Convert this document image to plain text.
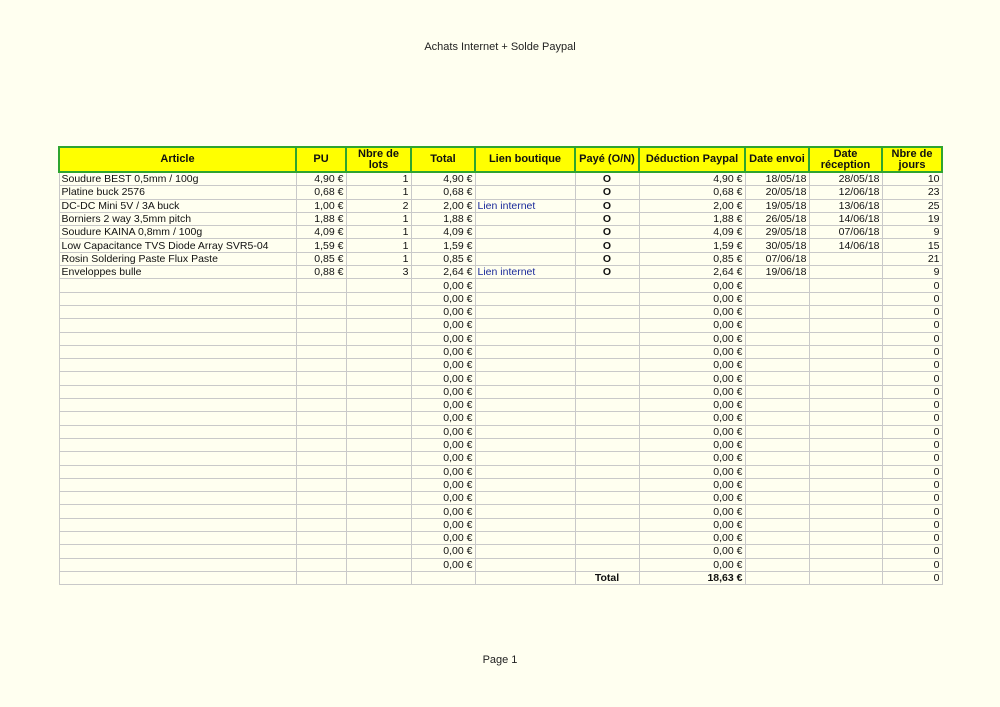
Achats Internet + Solde Paypal
Article	PU	Nbre de lots	Total	Lien boutique	Payé (O/N)	Déduction Paypal	Date envoi	Date réception	Nbre de jours
Soudure BEST 0,5mm / 100g	4,90 €	1	4,90 €		O	4,90 €	18/05/18	28/05/18	10
Platine buck 2576	0,68 €	1	0,68 €		O	0,68 €	20/05/18	12/06/18	23
DC-DC Mini 5V / 3A buck	1,00 €	2	2,00 €	Lien internet	O	2,00 €	19/05/18	13/06/18	25
Borniers 2 way 3,5mm pitch	1,88 €	1	1,88 €		O	1,88 €	26/05/18	14/06/18	19
Soudure KAINA 0,8mm / 100g	4,09 €	1	4,09 €		O	4,09 €	29/05/18	07/06/18	9
Low Capacitance TVS Diode Array SVR5-04	1,59 €	1	1,59 €		O	1,59 €	30/05/18	14/06/18	15
Rosin Soldering Paste Flux Paste	0,85 €	1	0,85 €		O	0,85 €	07/06/18		21
Enveloppes bulle	0,88 €	3	2,64 €	Lien internet	O	2,64 €	19/06/18		9
			0,00 €			0,00 €			0
			0,00 €			0,00 €			0
			0,00 €			0,00 €			0
			0,00 €			0,00 €			0
			0,00 €			0,00 €			0
			0,00 €			0,00 €			0
			0,00 €			0,00 €			0
			0,00 €			0,00 €			0
			0,00 €			0,00 €			0
			0,00 €			0,00 €			0
			0,00 €			0,00 €			0
			0,00 €			0,00 €			0
			0,00 €			0,00 €			0
			0,00 €			0,00 €			0
			0,00 €			0,00 €			0
			0,00 €			0,00 €			0
			0,00 €			0,00 €			0
			0,00 €			0,00 €			0
			0,00 €			0,00 €			0
			0,00 €			0,00 €			0
			0,00 €			0,00 €			0
			0,00 €			0,00 €			0
					Total	18,63 €			0
Page 1
